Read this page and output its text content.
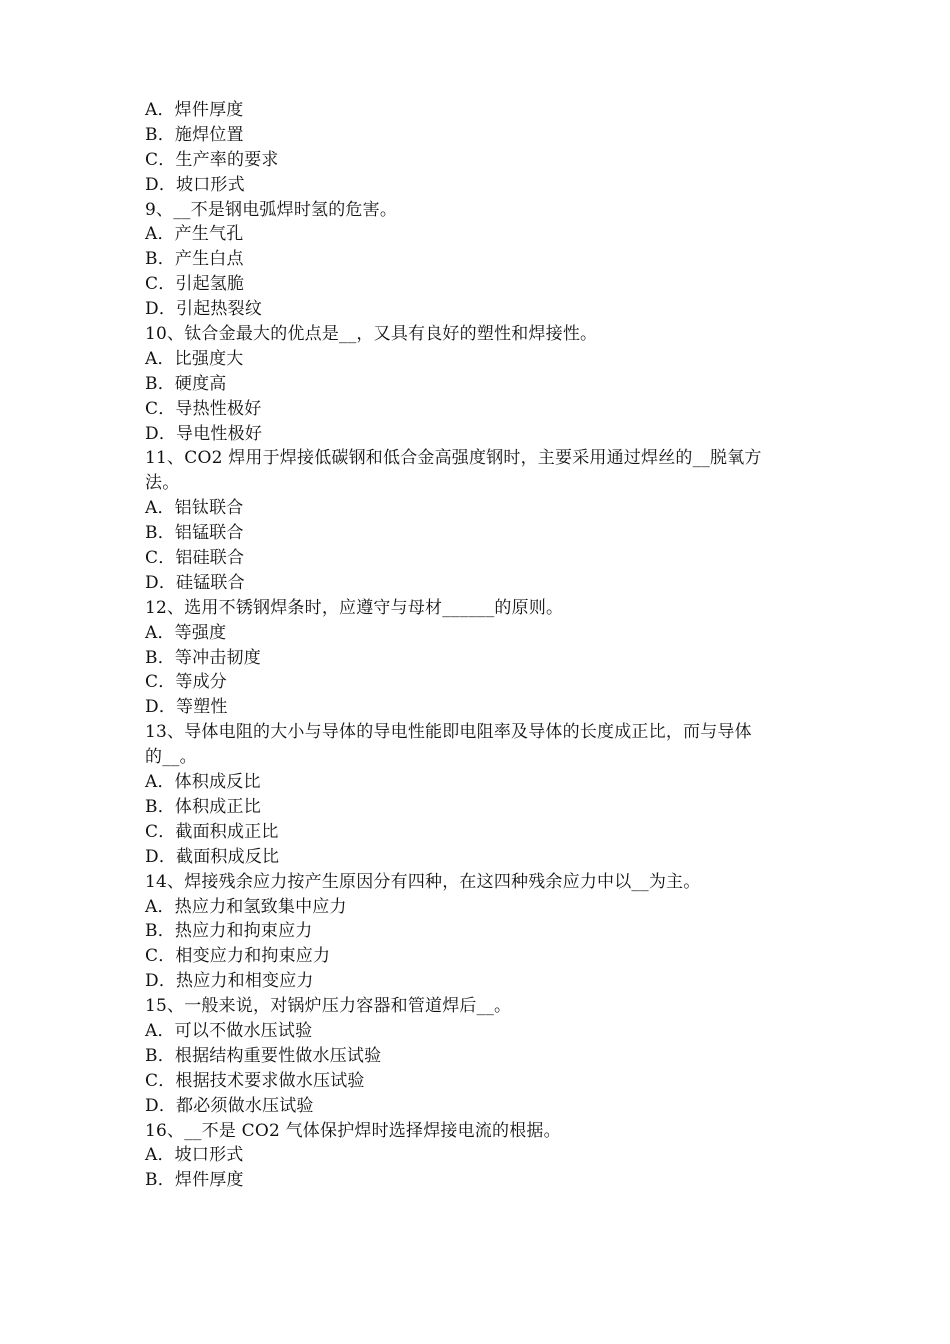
A．焊件厚度
B．施焊位置
C．生产率的要求
D．坡口形式
9、__不是钢电弧焊时氢的危害。
A．产生气孔
B．产生白点
C．引起氢脆
D．引起热裂纹
10、钛合金最大的优点是__，又具有良好的塑性和焊接性。
A．比强度大
B．硬度高
C．导热性极好
D．导电性极好
11、CO2 焊用于焊接低碳钢和低合金高强度钢时，主要采用通过焊丝的__脱氧方
法。
A．铝钛联合
B．铝锰联合
C．铝硅联合
D．硅锰联合
12、选用不锈钢焊条时，应遵守与母材______的原则。
A．等强度
B．等冲击韧度
C．等成分
D．等塑性
13、导体电阻的大小与导体的导电性能即电阻率及导体的长度成正比，而与导体
的__。
A．体积成反比
B．体积成正比
C．截面积成正比
D．截面积成反比
14、焊接残余应力按产生原因分有四种，在这四种残余应力中以__为主。
A．热应力和氢致集中应力
B．热应力和拘束应力
C．相变应力和拘束应力
D．热应力和相变应力
15、一般来说，对锅炉压力容器和管道焊后__。
A．可以不做水压试验
B．根据结构重要性做水压试验
C．根据技术要求做水压试验
D．都必须做水压试验
16、__不是 CO2 气体保护焊时选择焊接电流的根据。
A．坡口形式
B．焊件厚度
